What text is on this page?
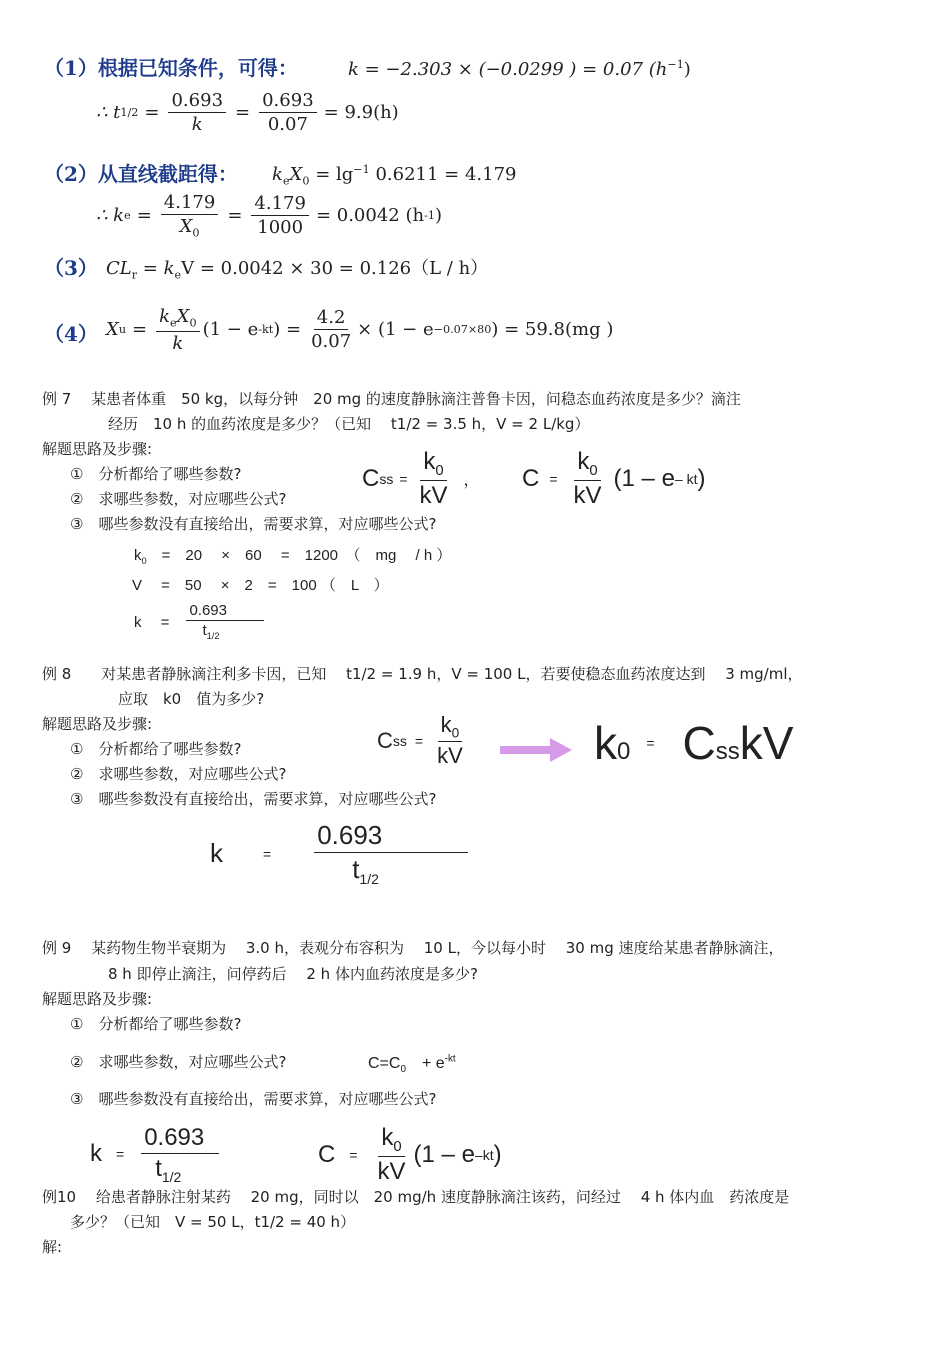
（1）根据已知条件，可得：	k = −2.303 × (−0.0299 ) = 0.07 $(h^{-1})$
∴ t $1/2 = \frac{0.693}{k} = \frac{0.693}{0.07} = 9.9(h)$
（2）从直线截距得： $k_eX_0 = \lg^{-1} 0.6211 = 4.179$
∴ k $e = \frac{4.179}{X_0} = \frac{4.179}{1000} = 0.0042$ (h -1 )
（3） $CL_r = k_eV = 0.0042 \times 30 = 0.126(L / h)$
（4） X $u = \frac{k_eX_0}{k} (1 - e$ -kt ) = $\frac{4.2}{0.07} \times (1 - e -0.07\times 80$ ) = 59.8(mg )
例 7　 某患者体重　50 kg，以每分钟　20 mg 的速度静脉滴注普鲁卡因，问稳态血药浓度是多少？滴注
经历　10 h 的血药浓度是多少？（已知　 t1/2 = 3.5 h，V = 2 L/kg）
解题思路及步骤:
①　分析都给了哪些参数?
②　求哪些参数，对应哪些公式?
③　哪些参数没有直接给出，需要求算，对应哪些公式?
C ss = $\frac{k_0}{kV}$ ， $C = \frac{k_0}{kV} (1 - e$ – kt )
$k_0$　=　20　 ×　60　 =　1200　（　mg　 / h ）
V　 =　50　 ×　2　=　100 （　L　）
k　 = $\frac{0.693}{t_{1/2}}$
例 8　　对某患者静脉滴注利多卡因，已知　 t1/2 = 1.9 h，V = 100 L，若要使稳态血药浓度达到　 3 mg/ml，
应取　k0　值为多少?
解题思路及步骤:
①　分析都给了哪些参数?
②　求哪些参数，对应哪些公式?
③　哪些参数没有直接给出，需要求算，对应哪些公式?
C ss = $\frac{k_0}{kV}$	k 0 = C ss kV
k	= $\frac{0.693}{t_{1/2}}$
例 9　 某药物生物半衰期为　 3.0 h，表观分布容积为　 10 L，今以每小时　 30 mg 速度给某患者静脉滴注，
8 h 即停止滴注，问停药后　 2 h 体内血药浓度是多少?
解题思路及步骤:
①　分析都给了哪些参数?
②　求哪些参数，对应哪些公式?	$C=C_0$　+ $e^{-kt}$
③　哪些参数没有直接给出，需要求算，对应哪些公式?
$k = \frac{0.693}{t_{1/2}}$	$C = \frac{k_0}{kV} (1 - e$ –kt )
例10　 给患者静脉注射某药　 20 mg，同时以　20 mg/h 速度静脉滴注该药，问经过　 4 h 体内血　药浓度是
多少？（已知　V = 50 L，t1/2 = 40 h）
解:
